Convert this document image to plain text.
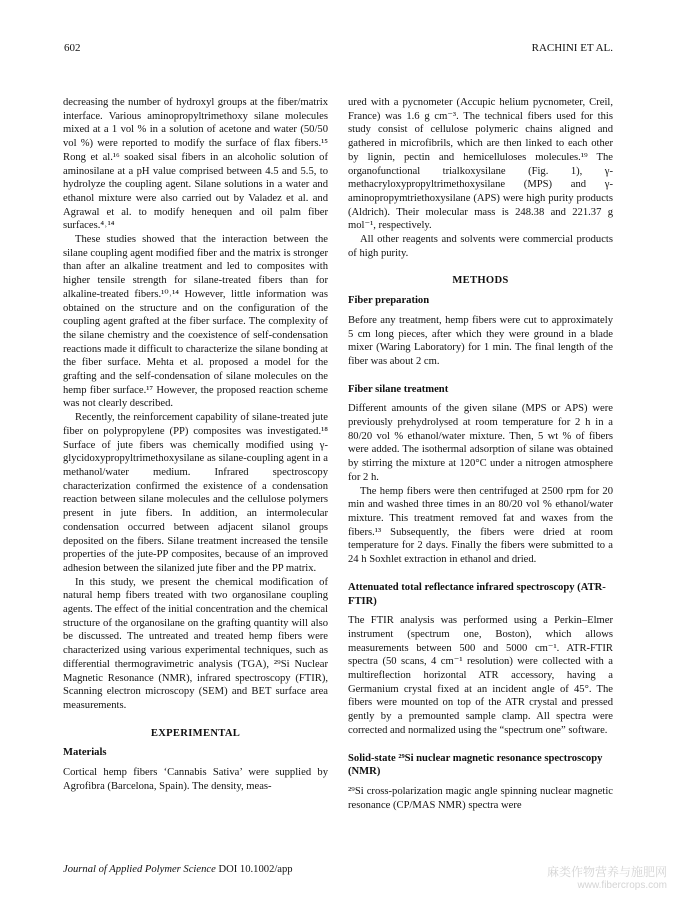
602	RACHINI ET AL.

decreasing the number of hydroxyl groups at the fiber/matrix interface. Various aminopropyltrimethoxy silane molecules mixed at a 1 vol % in a solution of acetone and water (50/50 vol %) were reported to modify the surface of flax fibers.¹⁵ Rong et al.¹⁶ soaked sisal fibers in an alcoholic solution of aminosilane at a pH value comprised between 4.5 and 5.5, to hydrolyze the coupling agent. Silane solutions in a water and ethanol mixture were also carried out by Valadez et al. and Agrawal et al. to modify henequen and oil palm fiber surfaces.⁴˒¹⁴

These studies showed that the interaction between the silane coupling agent modified fiber and the matrix is stronger than after an alkaline treatment and led to composites with higher tensile strength for silane-treated fibers than for alkaline-treated fibers.¹⁰˒¹⁴ However, little information was obtained on the structure and on the configuration of the coupling agent grafted at the fiber surface. The complexity of the silane chemistry and the coexistence of self-condensation reactions made it difficult to characterize the silane bonding at the fiber surface. Mehta et al. proposed a model for the grafting and the self-condensation of silane molecules on the hemp fiber surface.¹⁷ However, the proposed reaction scheme was not clearly described.

Recently, the reinforcement capability of silane-treated jute fiber on polypropylene (PP) composites was investigated.¹⁸ Surface of jute fibers was chemically modified using γ-glycidoxypropyltrimethoxysilane as silane-coupling agent in a methanol/water medium. Infrared spectroscopy characterization confirmed the existence of a condensation reaction between silane molecules and the cellulose polymers present in jute fibers. In addition, an intermolecular condensation occurred between adjacent silanol groups deposited on the fibers. Silane treatment increased the tensile properties of the jute-PP composites, because of an improved adhesion between the silanized jute fiber and the PP matrix.

In this study, we present the chemical modification of natural hemp fibers treated with two organosilane coupling agents. The effect of the initial concentration and the chemical structure of the organosilane on the grafting quantity will also be discussed. The untreated and treated hemp fibers were characterized using various experimental techniques, such as differential thermogravimetric analysis (TGA), ²⁹Si Nuclear Magnetic Resonance (NMR), infrared spectroscopy (FTIR), Scanning electron microscopy (SEM) and BET surface area measurements.

EXPERIMENTAL
Materials

Cortical hemp fibers ‘Cannabis Sativa’ were supplied by Agrofibra (Barcelona, Spain). The density, meas-

ured with a pycnometer (Accupic helium pycnometer, Creil, France) was 1.6 g cm⁻³. The technical fibers used for this study consist of cellulose polymeric chains aligned and gathered in microfibrils, which are then linked to each other by lignin, pectin and hemicelluloses molecules.¹⁹ The organofunctional trialkoxysilane (Fig. 1), γ-methacryloxypropyltrimethoxysilane (MPS) and γ-aminopropymtriethoxysilane (APS) were high purity products (Aldrich). Their molecular mass is 248.38 and 221.37 g mol⁻¹, respectively.

All other reagents and solvents were commercial products of high purity.

METHODS
Fiber preparation

Before any treatment, hemp fibers were cut to approximately 5 cm long pieces, after which they were ground in a blade mixer (Waring Laboratory) for 1 min. The final length of the fiber was about 2 cm.

Fiber silane treatment

Different amounts of the given silane (MPS or APS) were previously prehydrolysed at room temperature for 2 h in a 80/20 vol % ethanol/water mixture. Then, 5 wt % of fibers were added. The isothermal adsorption of silane was obtained by stirring the mixture at 120°C under a nitrogen atmosphere for 2 h.

The hemp fibers were then centrifuged at 2500 rpm for 20 min and washed three times in an 80/20 vol % ethanol/water mixture. This treatment removed fat and waxes from the fibers.¹³ Subsequently, the fibers were dried at room temperature for 2 days. Finally the fibers were submitted to a 24 h Soxhlet extraction in ethanol and dried.

Attenuated total reflectance infrared spectroscopy (ATR-FTIR)

The FTIR analysis was performed using a Perkin–Elmer instrument (spectrum one, Boston), which allows measurements between 500 and 5000 cm⁻¹. ATR-FTIR spectra (50 scans, 4 cm⁻¹ resolution) were collected with a multireflection horizontal ATR accessory, having a Germanium crystal fixed at an incident angle of 45°. The fibers were mounted on top of the ATR crystal and pressed gently by a premounted sample clamp. All spectra were corrected and normalized using the “spectrum one” software.

Solid-state ²⁹Si nuclear magnetic resonance spectroscopy (NMR)

²⁹Si cross-polarization magic angle spinning nuclear magnetic resonance (CP/MAS NMR) spectra were

Journal of Applied Polymer Science DOI 10.1002/app	麻类作物营养与施肥网
www.fibercrops.com
